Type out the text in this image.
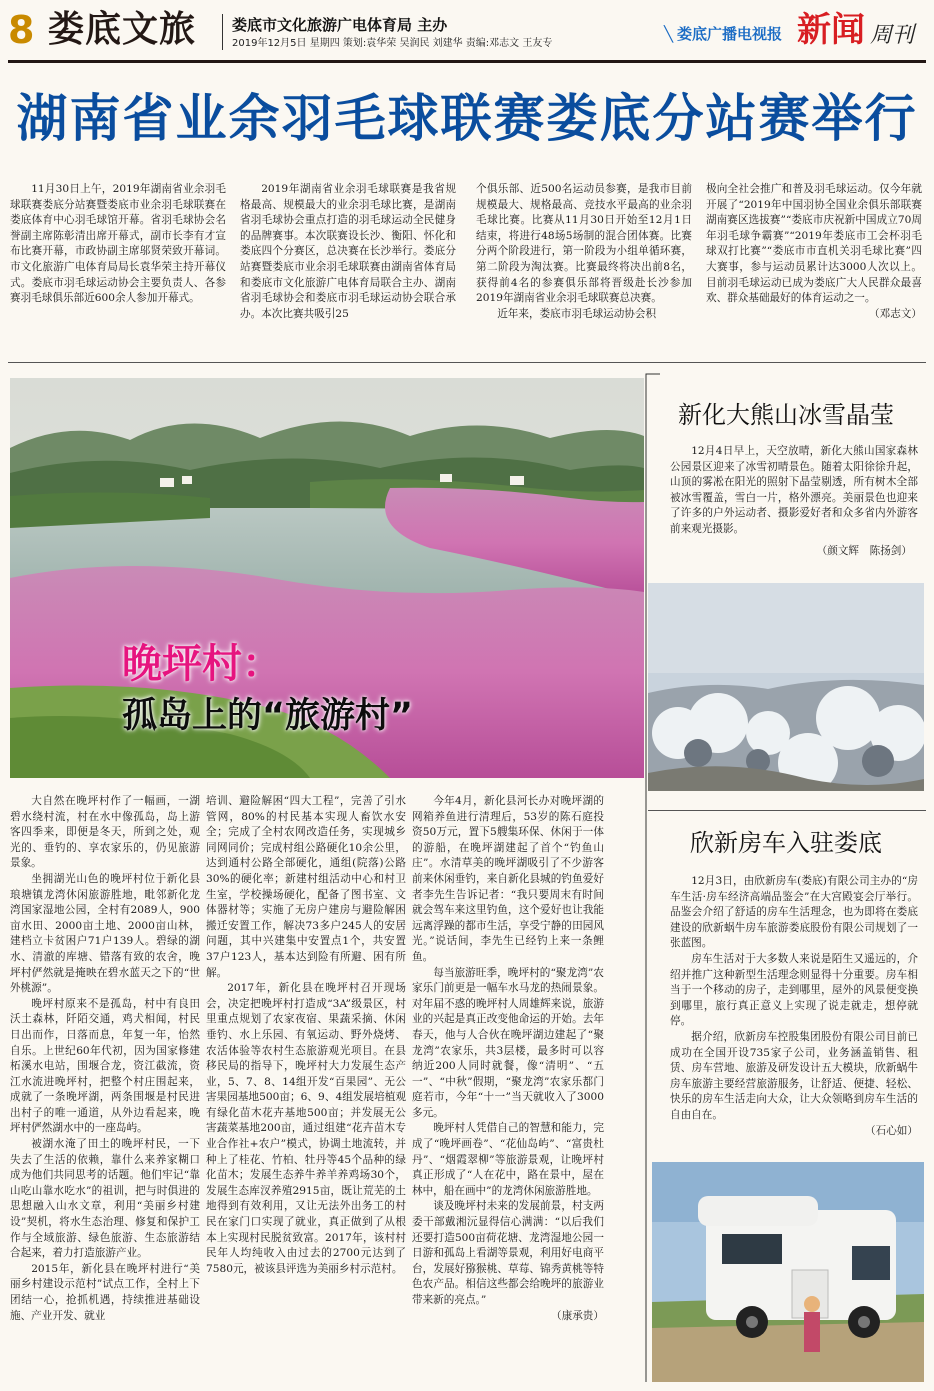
8 娄底文旅 娄底市文化旅游广电体育局 主办
2019年12月5日 星期四 策划:袁华荣 吴润民 刘建华 责编:邓志文 王友专
╲ 娄底广播电视报 新闻 周刊
湖南省业余羽毛球联赛娄底分站赛举行

11月30日上午，2019年湖南省业余羽毛球联赛娄底分站赛暨娄底市业余羽毛球联赛在娄底体育中心羽毛球馆开幕。省羽毛球协会名誉副主席陈彰清出席开幕式，副市长李有才宣布比赛开幕，市政协副主席邬贤荣致开幕词。市文化旅游广电体育局局长袁华荣主持开幕仪式。娄底市羽毛球运动协会主要负责人、各参赛羽毛球俱乐部近600余人参加开幕式。

2019年湖南省业余羽毛球联赛是我省规格最高、规模最大的业余羽毛球比赛，是湖南省羽毛球协会重点打造的羽毛球运动全民健身的品牌赛事。本次联赛设长沙、衡阳、怀化和娄底四个分赛区，总决赛在长沙举行。娄底分站赛暨娄底市业余羽毛球联赛由湖南省体育局和娄底市文化旅游广电体育局联合主办、湖南省羽毛球协会和娄底市羽毛球运动协会联合承办。本次比赛共吸引25

个俱乐部、近500名运动员参赛，是我市目前规模最大、规格最高、竞技水平最高的业余羽毛球比赛。比赛从11月30日开始至12月1日结束，将进行48场5场制的混合团体赛。比赛分两个阶段进行，第一阶段为小组单循环赛，第二阶段为淘汰赛。比赛最终将决出前8名，获得前4名的参赛俱乐部将晋级赴长沙参加2019年湖南省业余羽毛球联赛总决赛。

近年来，娄底市羽毛球运动协会积

极向全社会推广和普及羽毛球运动。仅今年就开展了“2019年中国羽协全国业余俱乐部联赛湖南赛区选拔赛”“娄底市庆祝新中国成立70周年羽毛球争霸赛”“2019年娄底市工会杯羽毛球双打比赛”“娄底市市直机关羽毛球比赛”四大赛事，参与运动员累计达3000人次以上。目前羽毛球运动已成为娄底广大人民群众最喜欢、群众基础最好的体育运动之一。

（邓志文）
晚坪村：
孤岛上的“旅游村”

大自然在晚坪村作了一幅画，一湖碧水绕村流，村在水中像孤岛，岛上游客四季来，即便是冬天，所到之处，观光的、垂钓的、享农家乐的，仍见旅游景象。

坐拥湖光山色的晚坪村位于新化县琅塘镇龙湾休闲旅游胜地，毗邻新化龙湾国家湿地公园，全村有2089人，900亩水田、2000亩土地、2000亩山林，建档立卡贫困户71户139人。碧绿的湖水、清澈的库塘、错落有致的农舍，晚坪村俨然就是掩映在碧水蓝天之下的“世外桃源”。

晚坪村原来不是孤岛，村中有良田沃土森林，阡陌交通，鸡犬相闻，村民日出而作，日落而息，年复一年，怡然自乐。上世纪60年代初，因为国家修建柘溪水电站，围堰合龙，资江截流，资江水流进晚坪村，把整个村庄围起来，成就了一条晚坪湖，两条围堰是村民进出村子的唯一通道，从外边看起来，晚坪村俨然湖水中的一座岛屿。

被湖水淹了田土的晚坪村民，一下失去了生活的依赖，靠什么来养家糊口成为他们共同思考的话题。他们牢记“靠山吃山靠水吃水”的祖训，把与时俱进的思想融入山水文章，利用“美丽乡村建设”契机，将水生态治理、修复和保护工作与全域旅游、绿色旅游、生态旅游结合起来，着力打造旅游产业。

2015年，新化县在晚坪村进行“美丽乡村建设示范村”试点工作，全村上下团结一心，抢抓机遇，持续推进基础设施、产业开发、就业

培训、避险解困“四大工程”，完善了引水管网，80%的村民基本实现人畜饮水安全；完成了全村农网改造任务，实现城乡同网同价；完成村组公路硬化10余公里，达到通村公路全部硬化，通组(院落)公路30%的硬化率；新建村组活动中心和村卫生室，学校操场硬化，配备了图书室、文体器材等；实施了无房户建房与避险解困搬迁安置工作，解决73多户245人的安居问题，其中兴建集中安置点1个，共安置37户123人，基本达到险有所避、困有所解。

2017年，新化县在晚坪村召开现场会，决定把晚坪村打造成“3A”级景区，村里重点规划了农家夜宿、果蔬采摘、休闲垂钓、水上乐园、有氧运动、野外烧烤、农活体验等农村生态旅游观光项目。在县移民局的指导下，晚坪村大力发展生态产业，5、7、8、14组开发“百果园”、无公害果园基地500亩；6、9、4组发展培植观有绿化苗木花卉基地500亩；并发展无公害蔬菜基地200亩，通过组建“花卉苗木专业合作社+农户”模式，协调土地流转，并种上了桂花、竹柏、牡丹等45个品种的绿化苗木；发展生态养牛养羊养鸡场30个，发展生态库汊养殖2915亩，既让荒芜的土地得到有效利用，又让无法外出务工的村民在家门口实现了就业，真正做到了从根本上实现村民脱贫致富。2017年，该村村民年人均纯收入由过去的2700元达到了7580元，被该县评选为美丽乡村示范村。

今年4月，新化县河长办对晚坪湖的网箱养鱼进行清理后，53岁的陈石庭投资50万元，置下5艘集环保、休闲于一体的游船，在晚坪湖建起了首个“钓鱼山庄”。水清草美的晚坪湖吸引了不少游客前来休闲垂钓，来自新化县城的钓鱼爱好者李先生告诉记者：“我只要周末有时间就会驾车来这里钓鱼，这个爱好也让我能远离浮躁的都市生活，享受宁静的田园风光。”说话间，李先生已经钓上来一条鲤鱼。

每当旅游旺季，晚坪村的“聚龙湾”农家乐门前更是一幅车水马龙的热闹景象。对年届不惑的晚坪村人周雄辉来说，旅游业的兴起是真正改变他命运的开始。去年春天，他与人合伙在晚坪湖边建起了“聚龙湾”农家乐，共3层楼，最多时可以容纳近200人同时就餐，像“清明”、“五一”、“中秋”假期，“聚龙湾”农家乐都门庭若市，今年“十一”当天就收入了3000多元。

晚坪村人凭借自己的智慧和能力，完成了“晚坪画卷”、“花仙岛屿”、“富贵杜丹”、“烟霞翠柳”等旅游景观，让晚坪村真正形成了“人在花中，路在景中，屋在林中，船在画中”的龙湾休闲旅游胜地。

谈及晚坪村未来的发展前景，村支两委干部戴湘沅显得信心满满：“以后我们还要打造500亩荷花塘、龙湾湿地公园一日游和孤岛上看湖等景观，利用好电商平台，发展好猕猴桃、草莓、锦秀黄桃等特色农产品。相信这些都会给晚坪的旅游业带来新的亮点。”

（康承贵）
新化大熊山冰雪晶莹

12月4日早上，天空放晴，新化大熊山国家森林公园景区迎来了冰雪初晴景色。随着太阳徐徐升起，山顶的雾凇在阳光的照射下晶莹剔透，所有树木全部被冰雪覆盖，雪白一片，格外漂亮。美丽景色也迎来了许多的户外运动者、摄影爱好者和众多省内外游客前来观光摄影。

（颜文辉　陈扬剑）
欣新房车入驻娄底

12月3日，由欣新房车(娄底)有限公司主办的“房车生活·房车经济高端品鉴会”在大宫殿宴会厅举行。品鉴会介绍了舒适的房车生活理念，也为即将在娄底建设的欣新蜗牛房车旅游娄底股份有限公司规划了一张蓝图。

房车生活对于大多数人来说是陌生又遥远的，介绍并推广这种新型生活理念则显得十分重要。房车相当于一个移动的房子，走到哪里，屋外的风景便变换到哪里，旅行真正意义上实现了说走就走，想停就停。

据介绍，欣新房车控股集团股份有限公司目前已成功在全国开设735家子公司，业务涵盖销售、租赁、房车营地、旅游及研发设计五大模块，欣新蜗牛房车旅游主要经营旅游服务，让舒适、便捷、轻松、快乐的房车生活走向大众，让大众领略到房车生活的自由自在。

（石心如）
